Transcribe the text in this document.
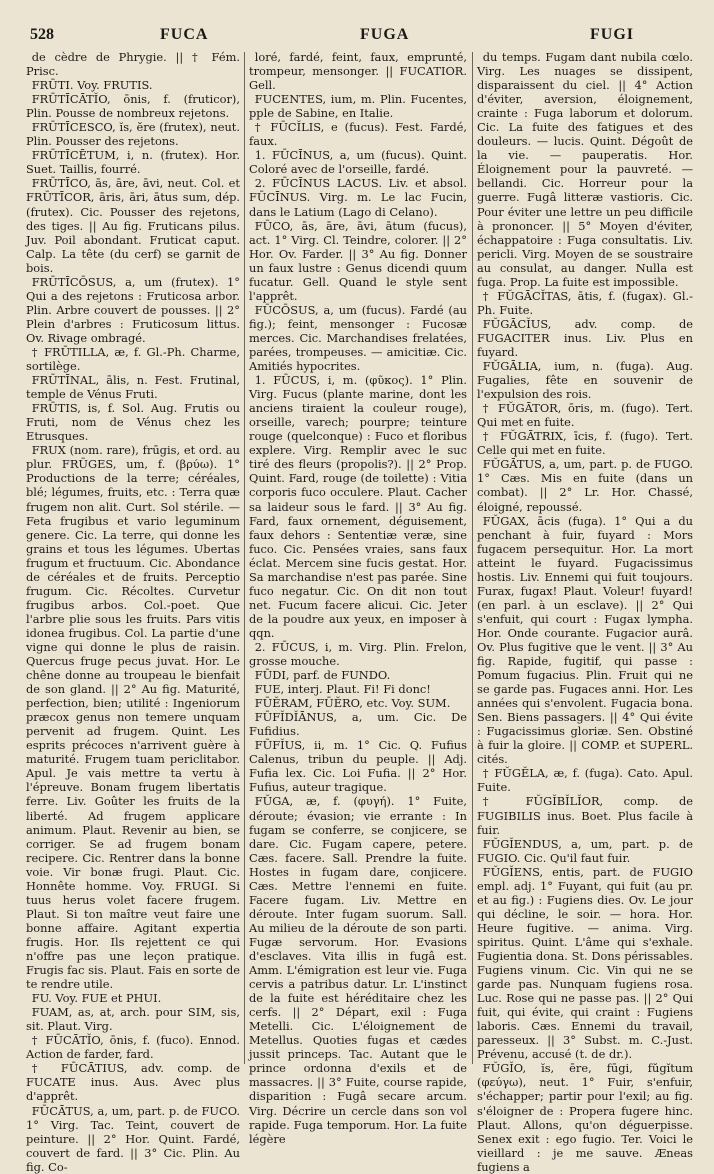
528	FUCA	FUGA	FUGI

de cèdre de Phrygie. || † Fém. Prisc.

FRŪTI. Voy. FRUTIS.

FRŪTĪCĀTĬO, ōnis, f. (fruticor), Plin. Pousse de nombreux rejetons.

FRŪTĪCESCO, ĭs, ĕre (frutex), neut. Plin. Pousser des rejetons.

FRŪTĪCĒTUM, i, n. (frutex). Hor. Suet. Taillis, fourré.

FRŪTĪCO, ās, āre, āvi, neut. Col. et FRŪTĪCOR, āris, āri, ātus sum, dép. (frutex). Cic. Pousser des rejetons, des tiges. || Au fig. Fruticans pilus. Juv. Poil abondant. Fruticat caput. Calp. La tête (du cerf) se garnit de bois.

FRŪTĪCŌSUS, a, um (frutex). 1° Qui a des rejetons : Fruticosa arbor. Plin. Arbre couvert de pousses. || 2° Plein d'arbres : Fruticosum littus. Ov. Rivage ombragé.

† FRŪTILLA, æ, f. Gl.-Ph. Charme, sortilège.

FRŪTĪNAL, ālis, n. Fest. Frutinal, temple de Vénus Fruti.

FRŪTIS, is, f. Sol. Aug. Frutis ou Fruti, nom de Vénus chez les Etrusques.

FRUX (nom. rare), frūgis, et ord. au plur. FRŪGES, um, f. (βρύω). 1° Productions de la terre; céréales, blé; légumes, fruits, etc. : Terra quæ frugem non alit. Curt. Sol stérile. — Feta frugibus et vario leguminum genere. Cic. La terre, qui donne les grains et tous les légumes. Ubertas frugum et fructuum. Cic. Abondance de céréales et de fruits. Perceptio frugum. Cic. Récoltes. Curvetur frugibus arbos. Col.-poet. Que l'arbre plie sous les fruits. Pars vitis idonea frugibus. Col. La partie d'une vigne qui donne le plus de raisin. Quercus fruge pecus juvat. Hor. Le chêne donne au troupeau le bienfait de son gland. || 2° Au fig. Maturité, perfection, bien; utilité : Ingeniorum præcox genus non temere unquam pervenit ad frugem. Quint. Les esprits précoces n'arrivent guère à maturité. Frugem tuam periclitabor. Apul. Je vais mettre ta vertu à l'épreuve. Bonam frugem libertatis ferre. Liv. Goûter les fruits de la liberté. Ad frugem applicare animum. Plaut. Revenir au bien, se corriger. Se ad frugem bonam recipere. Cic. Rentrer dans la bonne voie. Vir bonæ frugi. Plaut. Cic. Honnête homme. Voy. FRUGI. Si tuus herus volet facere frugem. Plaut. Si ton maître veut faire une bonne affaire. Agitant expertia frugis. Hor. Ils rejettent ce qui n'offre pas une leçon pratique. Frugis fac sis. Plaut. Fais en sorte de te rendre utile.

FU. Voy. FUE et PHUI.

FUAM, as, at, arch. pour SIM, sis, sit. Plaut. Virg.

† FŪCĀTĬO, ōnis, f. (fuco). Ennod. Action de farder, fard.

† FŪCĀTIUS, adv. comp. de FUCATE inus. Aus. Avec plus d'apprêt.

FŪCĀTUS, a, um, part. p. de FUCO. 1° Virg. Tac. Teint, couvert de peinture. || 2° Hor. Quint. Fardé, couvert de fard. || 3° Cic. Plin. Au fig. Co-

loré, fardé, feint, faux, emprunté, trompeur, mensonger. || FUCATIOR. Gell.

FUCENTES, ium, m. Plin. Fucentes, pple de Sabine, en Italie.

† FŪCĬLIS, e (fucus). Fest. Fardé, faux.

1. FŪCĪNUS, a, um (fucus). Quint. Coloré avec de l'orseille, fardé.

2. FŪCĪNUS LACUS. Liv. et absol. FŪCĪNUS. Virg. m. Le lac Fucin, dans le Latium (Lago di Celano).

FŪCO, ās, āre, āvi, ātum (fucus), act. 1° Virg. Cl. Teindre, colorer. || 2° Hor. Ov. Farder. || 3° Au fig. Donner un faux lustre : Genus dicendi quum fucatur. Gell. Quand le style sent l'apprêt.

FŪCŌSUS, a, um (fucus). Fardé (au fig.); feint, mensonger : Fucosæ merces. Cic. Marchandises frelatées, parées, trompeuses. — amicitiæ. Cic. Amitiés hypocrites.

1. FŪCUS, i, m. (φῦκος). 1° Plin. Virg. Fucus (plante marine, dont les anciens tiraient la couleur rouge), orseille, varech; pourpre; teinture rouge (quelconque) : Fuco et floribus explere. Virg. Remplir avec le suc tiré des fleurs (propolis?). || 2° Prop. Quint. Fard, rouge (de toilette) : Vitia corporis fuco occulere. Plaut. Cacher sa laideur sous le fard. || 3° Au fig. Fard, faux ornement, déguisement, faux dehors : Sententiæ veræ, sine fuco. Cic. Pensées vraies, sans faux éclat. Mercem sine fucis gestat. Hor. Sa marchandise n'est pas parée. Sine fuco negatur. Cic. On dit non tout net. Fucum facere alicui. Cic. Jeter de la poudre aux yeux, en imposer à qqn.

2. FŪCUS, i, m. Virg. Plin. Frelon, grosse mouche.

FŪDI, parf. de FUNDO.

FUE, interj. Plaut. Fi! Fi donc!

FŪĔRAM, FŪĔRO, etc. Voy. SUM.

FŪFĬDĬĀNUS, a, um. Cic. De Fufidius.

FŪFĬUS, ii, m. 1° Cic. Q. Fufius Calenus, tribun du peuple. || Adj. Fufia lex. Cic. Loi Fufia. || 2° Hor. Fufius, auteur tragique.

FŬGA, æ, f. (φυγή). 1° Fuite, déroute; évasion; vie errante : In fugam se conferre, se conjicere, se dare. Cic. Fugam capere, petere. Cæs. facere. Sall. Prendre la fuite. Hostes in fugam dare, conjicere. Cæs. Mettre l'ennemi en fuite. Facere fugam. Liv. Mettre en déroute. Inter fugam suorum. Sall. Au milieu de la déroute de son parti. Fugæ servorum. Hor. Evasions d'esclaves. Vita illis in fugâ est. Amm. L'émigration est leur vie. Fuga cervis a patribus datur. Lr. L'instinct de la fuite est héréditaire chez les cerfs. || 2° Départ, exil : Fuga Metelli. Cic. L'éloignement de Metellus. Quoties fugas et cædes jussit princeps. Tac. Autant que le prince ordonna d'exils et de massacres. || 3° Fuite, course rapide, disparition : Fugâ secare arcum. Virg. Décrire un cercle dans son vol rapide. Fuga temporum. Hor. La fuite légère

du temps. Fugam dant nubila cœlo. Virg. Les nuages se dissipent, disparaissent du ciel. || 4° Action d'éviter, aversion, éloignement, crainte : Fuga laborum et dolorum. Cic. La fuite des fatigues et des douleurs. — lucis. Quint. Dégoût de la vie. — pauperatis. Hor. Éloignement pour la pauvreté. — bellandi. Cic. Horreur pour la guerre. Fugâ litteræ vastioris. Cic. Pour éviter une lettre un peu difficile à prononcer. || 5° Moyen d'éviter, échappatoire : Fuga consultatis. Liv. pericli. Virg. Moyen de se soustraire au consulat, au danger. Nulla est fuga. Prop. La fuite est impossible.

† FŬGĀCĬTAS, ātis, f. (fugax). Gl.-Ph. Fuite.

FŬGĀCĬUS, adv. comp. de FUGACITER inus. Liv. Plus en fuyard.

FŬGĀLIA, ium, n. (fuga). Aug. Fugalies, fête en souvenir de l'expulsion des rois.

† FŬGĀTOR, ōris, m. (fugo). Tert. Qui met en fuite.

† FŬGĀTRIX, īcis, f. (fugo). Tert. Celle qui met en fuite.

FŬGĀTUS, a, um, part. p. de FUGO. 1° Cæs. Mis en fuite (dans un combat). || 2° Lr. Hor. Chassé, éloigné, repoussé.

FŬGAX, ācis (fuga). 1° Qui a du penchant à fuir, fuyard : Mors fugacem persequitur. Hor. La mort atteint le fuyard. Fugacissimus hostis. Liv. Ennemi qui fuit toujours. Furax, fugax! Plaut. Voleur! fuyard! (en parl. à un esclave). || 2° Qui s'enfuit, qui court : Fugax lympha. Hor. Onde courante. Fugacior aurâ. Ov. Plus fugitive que le vent. || 3° Au fig. Rapide, fugitif, qui passe : Pomum fugacius. Plin. Fruit qui ne se garde pas. Fugaces anni. Hor. Les années qui s'envolent. Fugacia bona. Sen. Biens passagers. || 4° Qui évite : Fugacissimus gloriæ. Sen. Obstiné à fuir la gloire. || COMP. et SUPERL. cités.

† FŬGĔLA, æ, f. (fuga). Cato. Apul. Fuite.

† FŬGĬBĬLĬOR, comp. de FUGIBILIS inus. Boet. Plus facile à fuir.

FŬGĬENDUS, a, um, part. p. de FUGIO. Cic. Qu'il faut fuir.

FŬGĬENS, entis, part. de FUGIO empl. adj. 1° Fuyant, qui fuit (au pr. et au fig.) : Fugiens dies. Ov. Le jour qui décline, le soir. — hora. Hor. Heure fugitive. — anima. Virg. spiritus. Quint. L'âme qui s'exhale. Fugientia dona. St. Dons périssables. Fugiens vinum. Cic. Vin qui ne se garde pas. Nunquam fugiens rosa. Luc. Rose qui ne passe pas. || 2° Qui fuit, qui évite, qui craint : Fugiens laboris. Cæs. Ennemi du travail, paresseux. || 3° Subst. m. C.-Just. Prévenu, accusé (t. de dr.).

FŬGĬO, ĭs, ēre, fūgi, fŭgĭtum (φεύγω), neut. 1° Fuir, s'enfuir, s'échapper; partir pour l'exil; au fig. s'éloigner de : Propera fugere hinc. Plaut. Allons, qu'on déguerpisse. Senex exit : ego fugio. Ter. Voici le vieillard : je me sauve. Æneas fugiens a
